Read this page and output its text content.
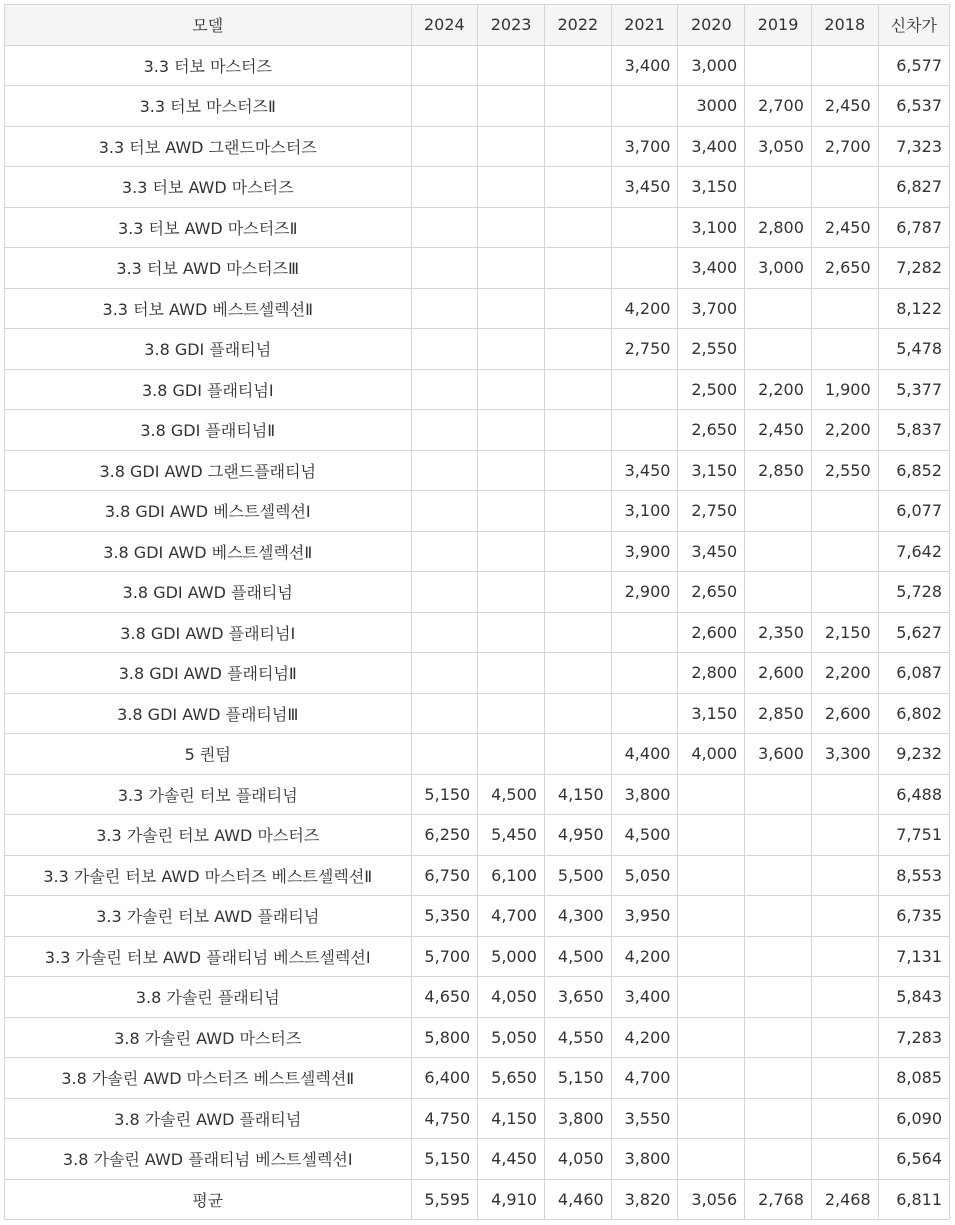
모델	2024	2023	2022	2021	2020	2019	2018	신차가
3.3 터보 마스터즈				3,400	3,000			6,577
3.3 터보 마스터즈Ⅱ					3000	2,700	2,450	6,537
3.3 터보 AWD 그랜드마스터즈				3,700	3,400	3,050	2,700	7,323
3.3 터보 AWD 마스터즈				3,450	3,150			6,827
3.3 터보 AWD 마스터즈Ⅱ					3,100	2,800	2,450	6,787
3.3 터보 AWD 마스터즈Ⅲ					3,400	3,000	2,650	7,282
3.3 터보 AWD 베스트셀렉션Ⅱ				4,200	3,700			8,122
3.8 GDI 플래티넘				2,750	2,550			5,478
3.8 GDI 플래티넘Ⅰ					2,500	2,200	1,900	5,377
3.8 GDI 플래티넘Ⅱ					2,650	2,450	2,200	5,837
3.8 GDI AWD 그랜드플래티넘				3,450	3,150	2,850	2,550	6,852
3.8 GDI AWD 베스트셀렉션Ⅰ				3,100	2,750			6,077
3.8 GDI AWD 베스트셀렉션Ⅱ				3,900	3,450			7,642
3.8 GDI AWD 플래티넘				2,900	2,650			5,728
3.8 GDI AWD 플래티넘Ⅰ					2,600	2,350	2,150	5,627
3.8 GDI AWD 플래티넘Ⅱ					2,800	2,600	2,200	6,087
3.8 GDI AWD 플래티넘Ⅲ					3,150	2,850	2,600	6,802
5 퀀텀				4,400	4,000	3,600	3,300	9,232
3.3 가솔린 터보 플래티넘	5,150	4,500	4,150	3,800				6,488
3.3 가솔린 터보 AWD 마스터즈	6,250	5,450	4,950	4,500				7,751
3.3 가솔린 터보 AWD 마스터즈 베스트셀렉션Ⅱ	6,750	6,100	5,500	5,050				8,553
3.3 가솔린 터보 AWD 플래티넘	5,350	4,700	4,300	3,950				6,735
3.3 가솔린 터보 AWD 플래티넘 베스트셀렉션Ⅰ	5,700	5,000	4,500	4,200				7,131
3.8 가솔린 플래티넘	4,650	4,050	3,650	3,400				5,843
3.8 가솔린 AWD 마스터즈	5,800	5,050	4,550	4,200				7,283
3.8 가솔린 AWD 마스터즈 베스트셀렉션Ⅱ	6,400	5,650	5,150	4,700				8,085
3.8 가솔린 AWD 플래티넘	4,750	4,150	3,800	3,550				6,090
3.8 가솔린 AWD 플래티넘 베스트셀렉션Ⅰ	5,150	4,450	4,050	3,800				6,564
평균	5,595	4,910	4,460	3,820	3,056	2,768	2,468	6,811
